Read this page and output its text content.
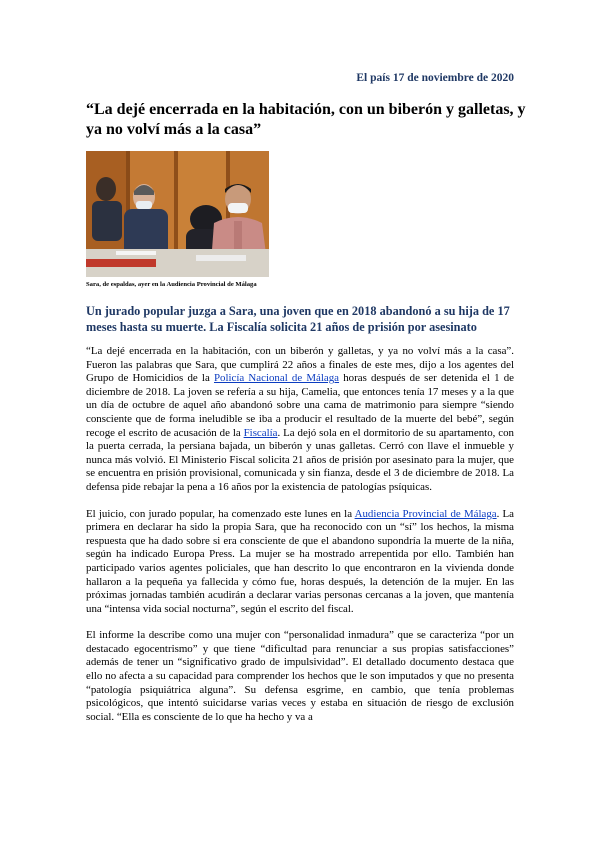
El país 17 de noviembre de 2020
“La dejé encerrada en la habitación, con un biberón y galletas, y ya no volví más a la casa”
Sara, de espaldas, ayer en la Audiencia Provincial de Málaga
Un jurado popular juzga a Sara, una joven que en 2018 abandonó a su hija de 17 meses hasta su muerte. La Fiscalía solicita 21 años de prisión por asesinato

“La dejé encerrada en la habitación, con un biberón y galletas, y ya no volví más a la casa”. Fueron las palabras que Sara, que cumplirá 22 años a finales de este mes, dijo a los agentes del Grupo de Homicidios de la Policía Nacional de Málaga horas después de ser detenida el 1 de diciembre de 2018. La joven se refería a su hija, Camelia, que entonces tenía 17 meses y a la que un día de octubre de aquel año abandonó sobre una cama de matrimonio para siempre “siendo consciente que de forma ineludible se iba a producir el resultado de la muerte del bebé”, según recoge el escrito de acusación de la Fiscalía. La dejó sola en el dormitorio de su apartamento, con la puerta cerrada, la persiana bajada, un biberón y unas galletas. Cerró con llave el inmueble y nunca más volvió. El Ministerio Fiscal solicita 21 años de prisión por asesinato para la mujer, que se encuentra en prisión provisional, comunicada y sin fianza, desde el 3 de diciembre de 2018. La defensa pide rebajar la pena a 16 años por la existencia de patologías psíquicas.

El juicio, con jurado popular, ha comenzado este lunes en la Audiencia Provincial de Málaga. La primera en declarar ha sido la propia Sara, que ha reconocido con un “sí” los hechos, la misma respuesta que ha dado sobre si era consciente de que el abandono supondría la muerte de la niña, según ha indicado Europa Press. La mujer se ha mostrado arrepentida por ello. También han participado varios agentes policiales, que han descrito lo que encontraron en la vivienda donde hallaron a la pequeña ya fallecida y cómo fue, horas después, la detención de la mujer. En las próximas jornadas también acudirán a declarar varias personas cercanas a la joven, que mantenía una “intensa vida social nocturna”, según el escrito del fiscal.

El informe la describe como una mujer con “personalidad inmadura” que se caracteriza “por un destacado egocentrismo” y que tiene “dificultad para renunciar a sus propias satisfacciones” además de tener un “significativo grado de impulsividad”. El detallado documento destaca que ello no afecta a su capacidad para comprender los hechos que le son imputados y que no presenta “patología psiquiátrica alguna”. Su defensa esgrime, en cambio, que tenía problemas psicológicos, que intentó suicidarse varias veces y estaba en situación de riesgo de exclusión social. “Ella es consciente de lo que ha hecho y va a
